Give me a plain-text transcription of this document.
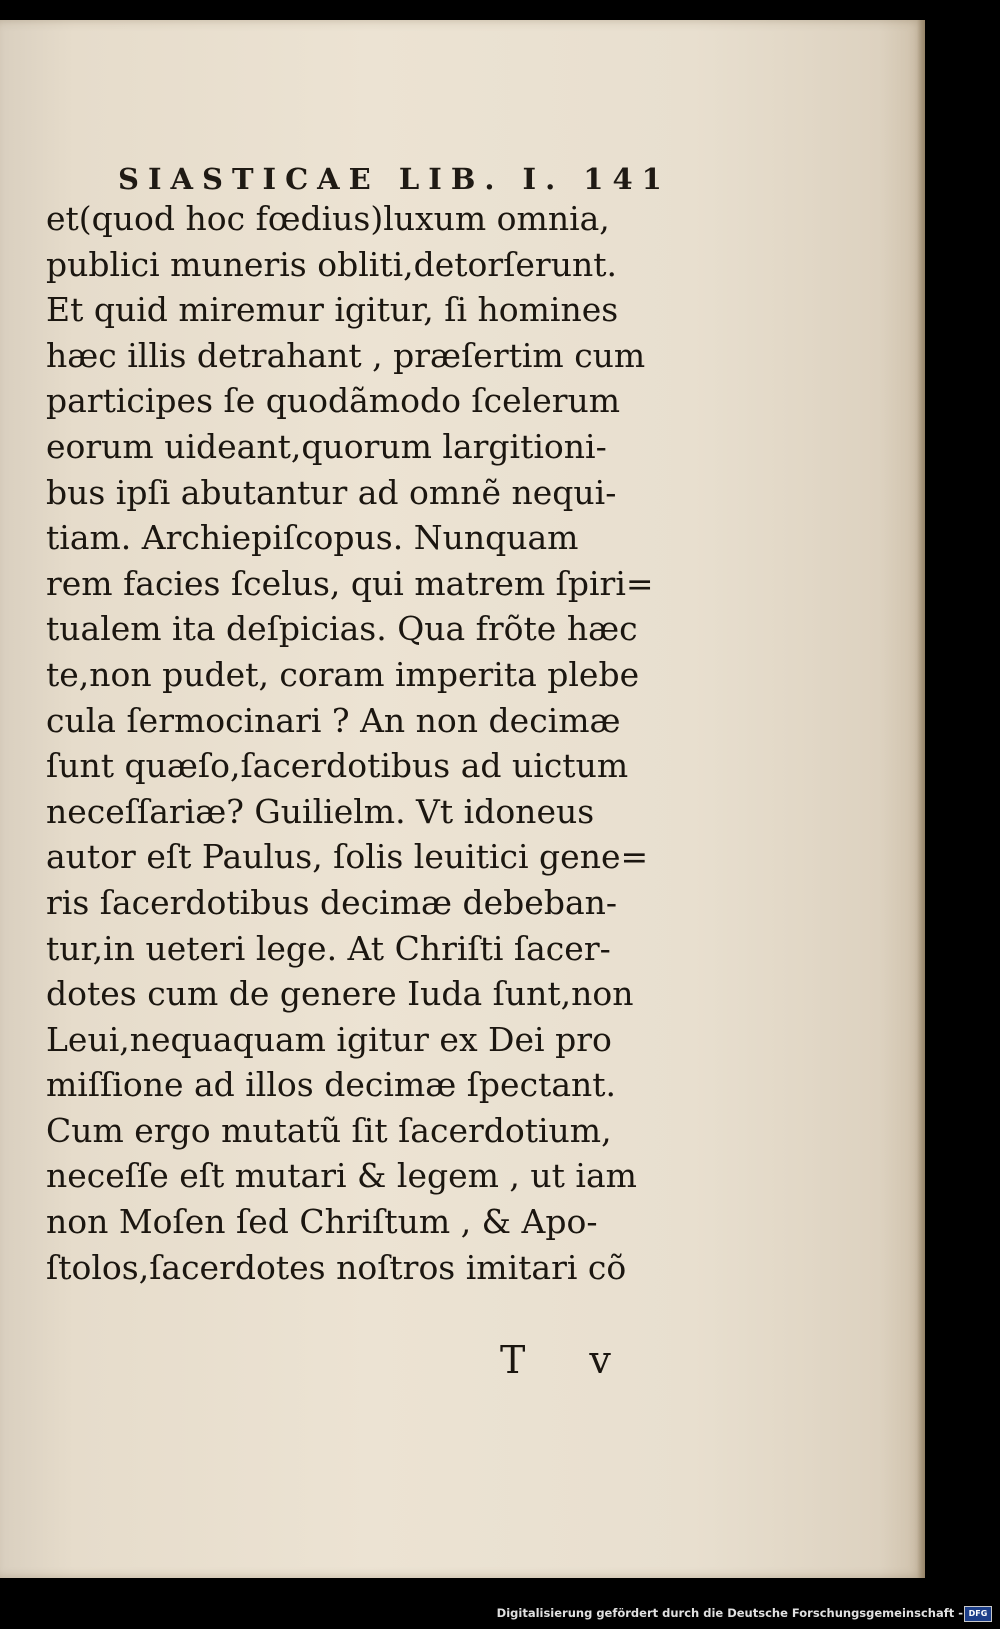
SIASTICAE LIB. I. 141
et(quod hoc fœdius)luxum omnia,
publici muneris obliti,detorſerunt.
Et quid miremur igitur, ſi homines
hæc illis detrahant , præſertim cum
participes ſe quodãmodo ſcelerum
eorum uideant,quorum largitioni-
bus ipſi abutantur ad omnẽ nequi-
tiam. Archiepiſcopus. Nunquam
rem facies ſcelus, qui matrem ſpiri=
tualem ita deſpicias. Qua frõte hæc
te,non pudet, coram imperita plebe
cula ſermocinari ? An non decimæ
ſunt quæſo,ſacerdotibus ad uictum
neceſſariæ? Guilielm. Vt idoneus
autor eſt Paulus, ſolis leuitici gene=
ris ſacerdotibus decimæ debeban-
tur,in ueteri lege. At Chriſti ſacer-
dotes cum de genere Iuda ſunt,non
Leui,nequaquam igitur ex Dei pro
miſſione ad illos decimæ ſpectant.
Cum ergo mutatũ ſit ſacerdotium,
neceſſe eſt mutari & legem , ut iam
non Moſen ſed Chriſtum , & Apo-
ſtolos,ſacerdotes noſtros imitari cõ
T v
Digitalisierung gefördert durch die Deutsche Forschungsgemeinschaft - DFG
